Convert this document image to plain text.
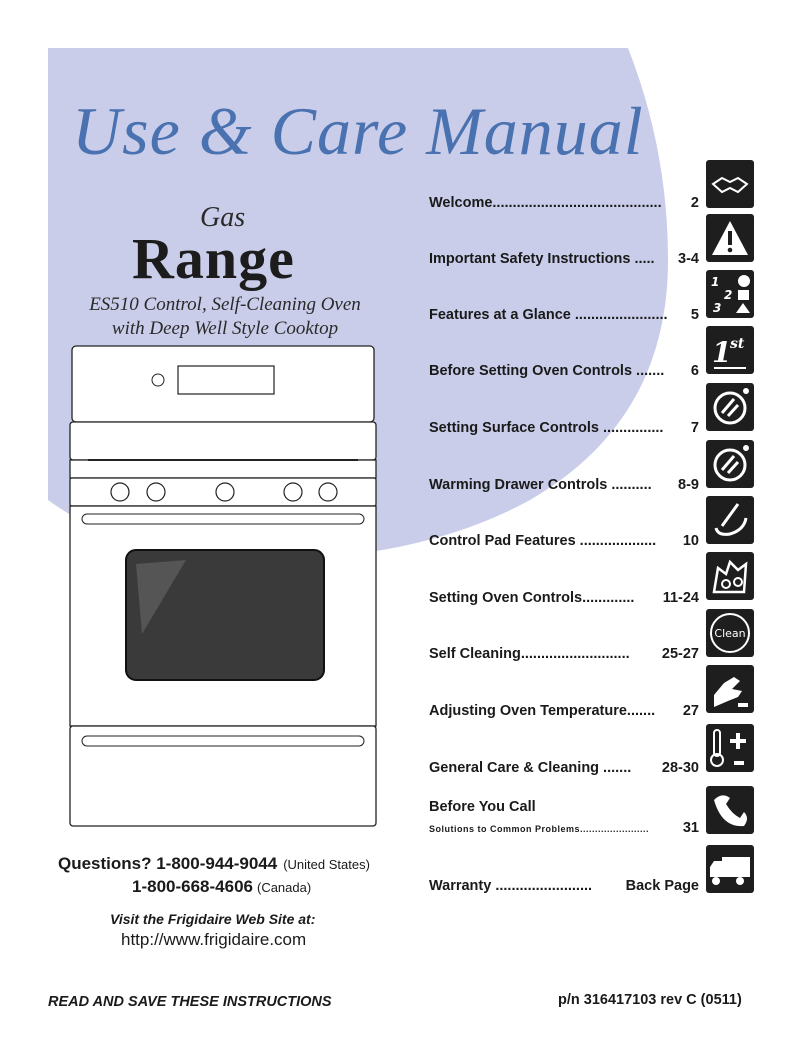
Use & Care Manual
Gas
Range
ES510 Control, Self-Cleaning Oven
with Deep Well Style Cooktop
Welcome.......................................... 2
Important Safety Instructions ..... 3-4
Features at a Glance ....................... 5
Before Setting Oven Controls ....... 6
Setting Surface Controls ............... 7
Warming Drawer Controls .......... 8-9
Control Pad Features ................... 10
Setting Oven Controls............. 11-24
Self Cleaning........................... 25-27
Adjusting Oven Temperature....... 27
General Care & Cleaning ....... 28-30
Before You Call
Solutions to Common Problems....................... 31
Warranty ........................ Back Page
1
2
3
1
st
Clean
Questions? 1-800-944-9044 (United States)
1-800-668-4606 (Canada)
Visit the Frigidaire Web Site at:
http://www.frigidaire.com
READ AND SAVE THESE INSTRUCTIONS	p/n 316417103 rev C (0511)
